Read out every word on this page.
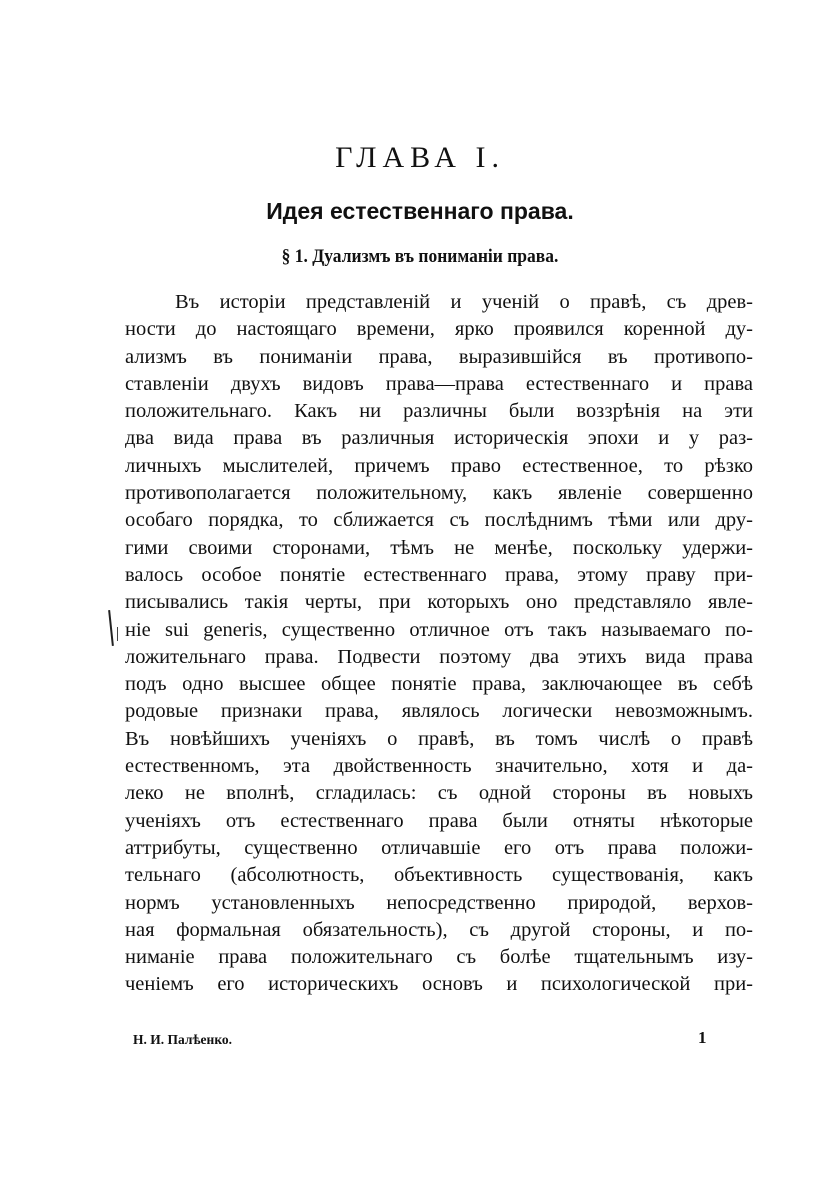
ГЛАВА I.
Идея естественнаго права.
§ 1. Дуализмъ въ пониманіи права.
Въ исторіи представленій и ученій о правѣ, съ древ-
ности до настоящаго времени, ярко проявился коренной ду-
ализмъ въ пониманіи права, выразившійся въ противопо-
ставленіи двухъ видовъ права—права естественнаго и права
положительнаго. Какъ ни различны были воззрѣнія на эти
два вида права въ различныя историческія эпохи и у раз-
личныхъ мыслителей, причемъ право естественное, то рѣзко
противополагается положительному, какъ явленіе совершенно
особаго порядка, то сближается съ послѣднимъ тѣми или дру-
гими своими сторонами, тѣмъ не менѣе, поскольку удержи-
валось особое понятіе естественнаго права, этому праву при-
писывались такія черты, при которыхъ оно представляло явле-
ніе sui generis, существенно отличное отъ такъ называемаго по-
ложительнаго права. Подвести поэтому два этихъ вида права
подъ одно высшее общее понятіе права, заключающее въ себѣ
родовые признаки права, являлось логически невозможнымъ.
Въ новѣйшихъ ученіяхъ о правѣ, въ томъ числѣ о правѣ
естественномъ, эта двойственность значительно, хотя и да-
леко не вполнѣ, сгладилась: съ одной стороны въ новыхъ
ученіяхъ отъ естественнаго права были отняты нѣкоторые
аттрибуты, существенно отличавшіе его отъ права положи-
тельнаго (абсолютность, объективность существованія, какъ
нормъ установленныхъ непосредственно природой, верхов-
ная формальная обязательность), съ другой стороны, и по-
ниманіе права положительнаго съ болѣе тщательнымъ изу-
ченіемъ его историческихъ основъ и психологической при-
Н. И. Палѣенко.	1
